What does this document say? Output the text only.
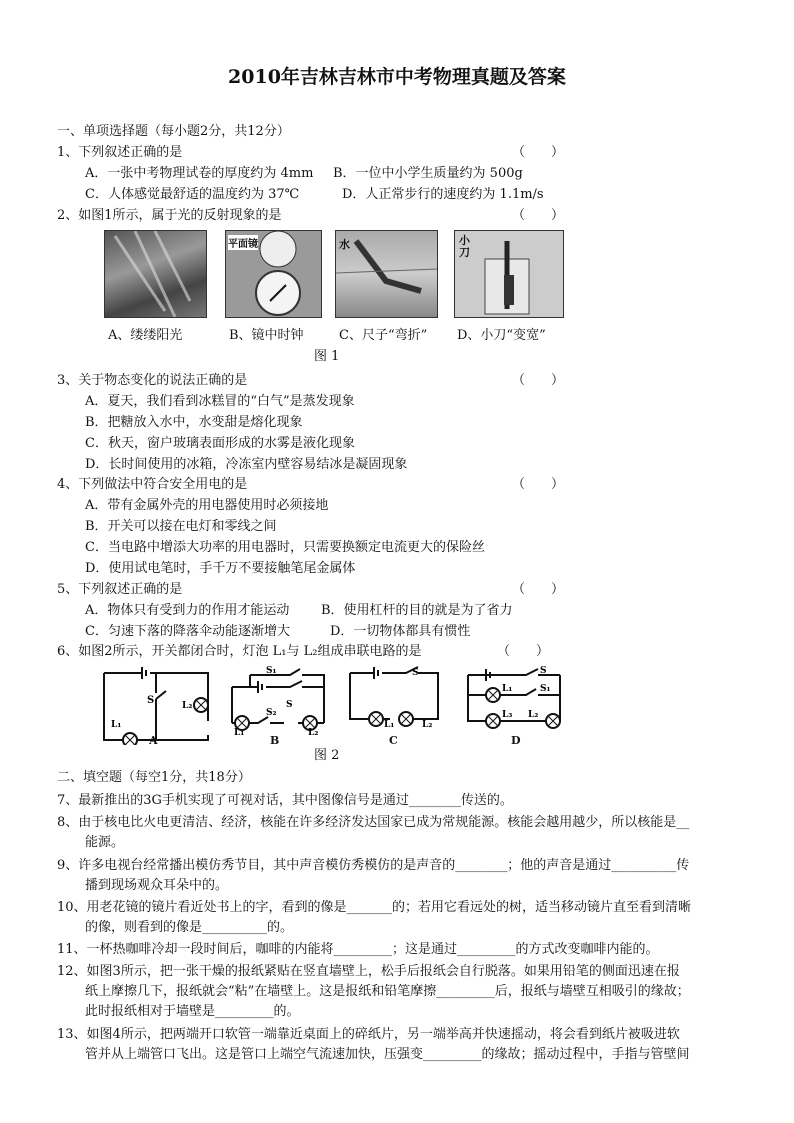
2010年吉林吉林市中考物理真题及答案
一、单项选择题（每小题2分，共12分）
1、下列叙述正确的是	（　　）
A．一张中考物理试卷的厚度约为 4mm B．一位中小学生质量约为 500g
C．人体感觉最舒适的温度约为 37℃	D．人正常步行的速度约为 1.1m/s
2、如图1所示，属于光的反射现象的是	（　　）
平面镜	水	小刀
A、缕缕阳光	B、镜中时钟	C、尺子“弯折” D、小刀“变宽”
图 1
3、关于物态变化的说法正确的是	（　　）
A．夏天，我们看到冰糕冒的“白气”是蒸发现象
B．把糖放入水中，水变甜是熔化现象
C．秋天，窗户玻璃表面形成的水雾是液化现象
D．长时间使用的冰箱，冷冻室内壁容易结冰是凝固现象
4、下列做法中符合安全用电的是	（　　）
A．带有金属外壳的用电器使用时必须接地
B．开关可以接在电灯和零线之间
C．当电路中增添大功率的用电器时，只需要换额定电流更大的保险丝
D．使用试电笔时，手千万不要接触笔尾金属体
5、下列叙述正确的是	（　　）
A．物体只有受到力的作用才能运动 B．使用杠杆的目的就是为了省力
C．匀速下落的降落伞动能逐渐增大	D．一切物体都具有惯性
6、如图2所示，开关都闭合时，灯泡 L₁与 L₂组成串联电路的是	（　　）
L₁
L₂
S
S₁
S₂
S
L₁	L₂
S
L₁	L₂
S
S₁
L₁
L₃ L₂
A	B	C	D
图 2
二、填空题（每空1分，共18分）
7、最新推出的3G手机实现了可视对话，其中图像信号是通过________传送的。
8、由于核电比火电更清洁、经济，核能在许多经济发达国家已成为常规能源。核能会越用越少，所以核能是__
能源。
9、许多电视台经常播出模仿秀节目，其中声音模仿秀模仿的是声音的________；他的声音是通过__________传
播到现场观众耳朵中的。
10、用老花镜的镜片看近处书上的字，看到的像是_______的；若用它看远处的树，适当移动镜片直至看到清晰
的像，则看到的像是__________的。
11、一杯热咖啡冷却一段时间后，咖啡的内能将_________；这是通过_________的方式改变咖啡内能的。
12、如图3所示，把一张干燥的报纸紧贴在竖直墙壁上，松手后报纸会自行脱落。如果用铅笔的侧面迅速在报
纸上摩擦几下，报纸就会“粘”在墙壁上。这是报纸和铅笔摩擦_________后，报纸与墙壁互相吸引的缘故；
此时报纸相对于墙壁是_________的。
13、如图4所示，把两端开口软管一端靠近桌面上的碎纸片，另一端举高并快速摇动，将会看到纸片被吸进软
管并从上端管口飞出。这是管口上端空气流速加快，压强变_________的缘故；摇动过程中，手指与管壁间
